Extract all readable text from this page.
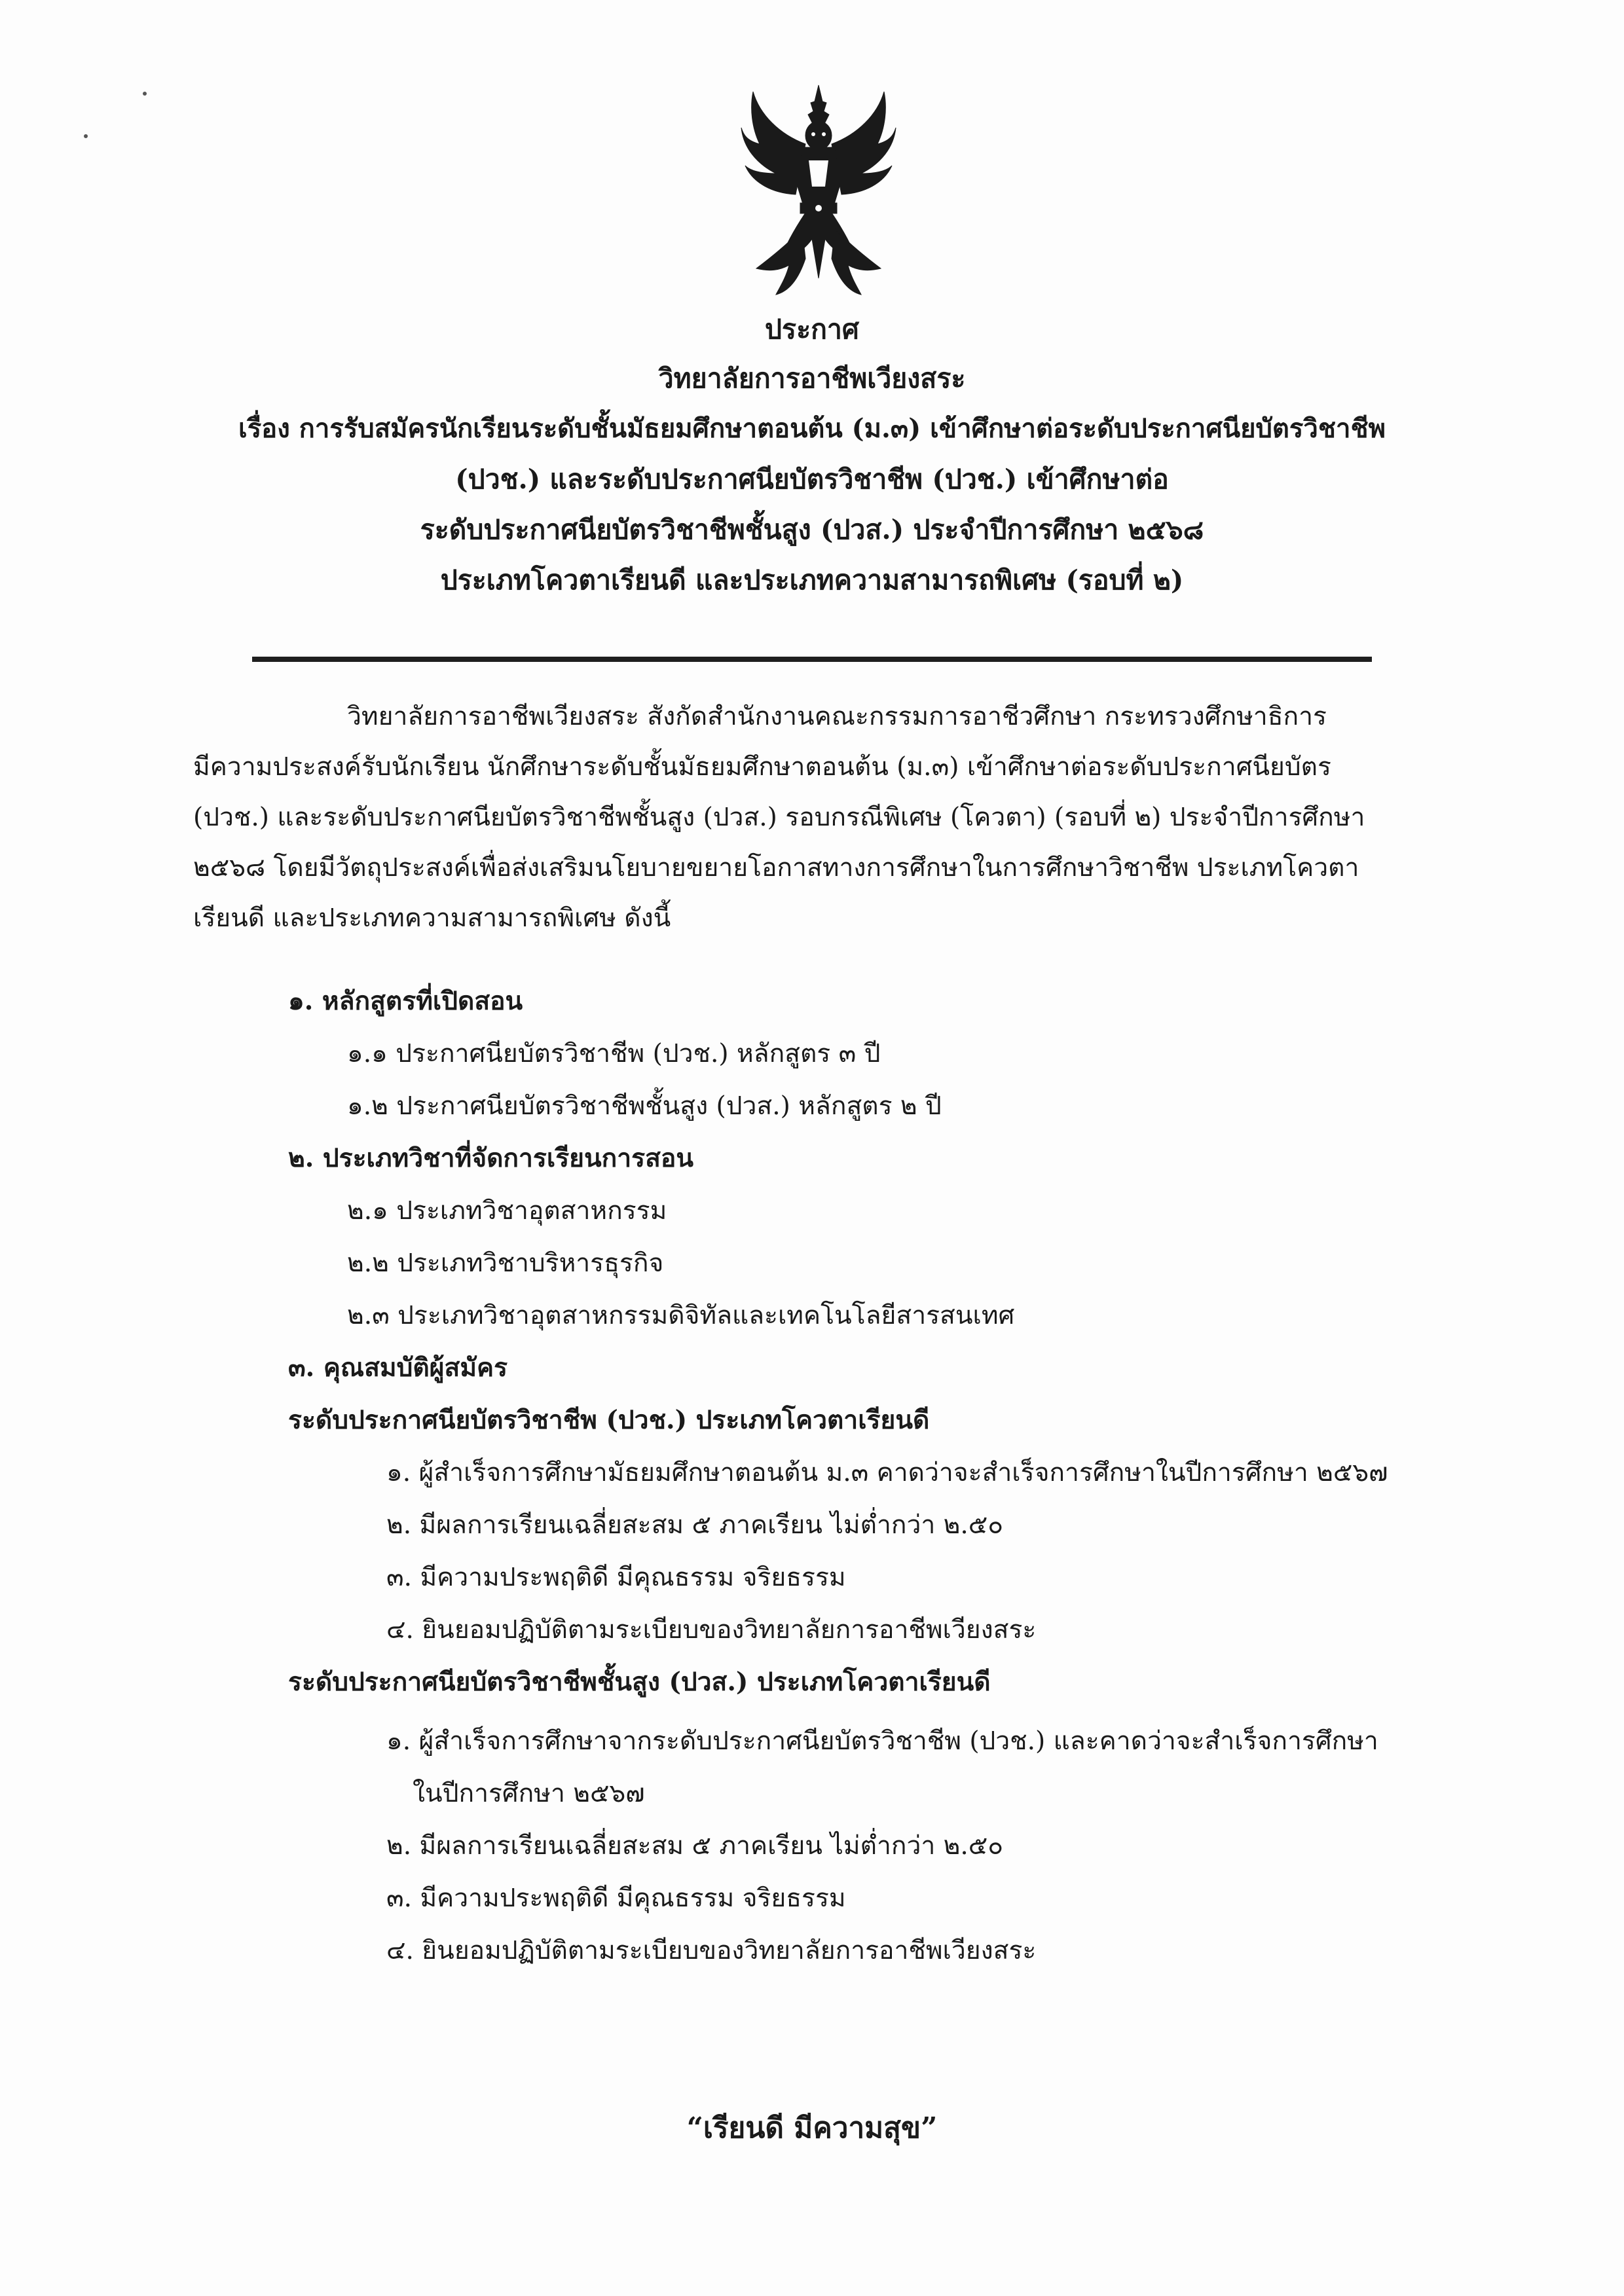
ประกาศ
วิทยาลัยการอาชีพเวียงสระ
เรื่อง การรับสมัครนักเรียนระดับชั้นมัธยมศึกษาตอนต้น (ม.๓) เข้าศึกษาต่อระดับประกาศนียบัตรวิชาชีพ
(ปวช.) และระดับประกาศนียบัตรวิชาชีพ (ปวช.) เข้าศึกษาต่อ
ระดับประกาศนียบัตรวิชาชีพชั้นสูง (ปวส.) ประจำปีการศึกษา ๒๕๖๘
ประเภทโควตาเรียนดี และประเภทความสามารถพิเศษ (รอบที่ ๒)
วิทยาลัยการอาชีพเวียงสระ สังกัดสำนักงานคณะกรรมการอาชีวศึกษา กระทรวงศึกษาธิการ
มีความประสงค์รับนักเรียน นักศึกษาระดับชั้นมัธยมศึกษาตอนต้น (ม.๓) เข้าศึกษาต่อระดับประกาศนียบัตร
(ปวช.) และระดับประกาศนียบัตรวิชาชีพชั้นสูง (ปวส.) รอบกรณีพิเศษ (โควตา) (รอบที่ ๒) ประจำปีการศึกษา
๒๕๖๘ โดยมีวัตถุประสงค์เพื่อส่งเสริมนโยบายขยายโอกาสทางการศึกษาในการศึกษาวิชาชีพ ประเภทโควตา
เรียนดี และประเภทความสามารถพิเศษ ดังนี้
๑. หลักสูตรที่เปิดสอน
๑.๑ ประกาศนียบัตรวิชาชีพ (ปวช.) หลักสูตร ๓ ปี
๑.๒ ประกาศนียบัตรวิชาชีพชั้นสูง (ปวส.) หลักสูตร ๒ ปี
๒. ประเภทวิชาที่จัดการเรียนการสอน
๒.๑ ประเภทวิชาอุตสาหกรรม
๒.๒ ประเภทวิชาบริหารธุรกิจ
๒.๓ ประเภทวิชาอุตสาหกรรมดิจิทัลและเทคโนโลยีสารสนเทศ
๓. คุณสมบัติผู้สมัคร
ระดับประกาศนียบัตรวิชาชีพ (ปวช.) ประเภทโควตาเรียนดี
๑. ผู้สำเร็จการศึกษามัธยมศึกษาตอนต้น ม.๓ คาดว่าจะสำเร็จการศึกษาในปีการศึกษา ๒๕๖๗
๒. มีผลการเรียนเฉลี่ยสะสม ๕ ภาคเรียน ไม่ต่ำกว่า ๒.๕๐
๓. มีความประพฤติดี มีคุณธรรม จริยธรรม
๔. ยินยอมปฏิบัติตามระเบียบของวิทยาลัยการอาชีพเวียงสระ
ระดับประกาศนียบัตรวิชาชีพชั้นสูง (ปวส.) ประเภทโควตาเรียนดี
๑. ผู้สำเร็จการศึกษาจากระดับประกาศนียบัตรวิชาชีพ (ปวช.) และคาดว่าจะสำเร็จการศึกษา
ในปีการศึกษา ๒๕๖๗
๒. มีผลการเรียนเฉลี่ยสะสม ๕ ภาคเรียน ไม่ต่ำกว่า ๒.๕๐
๓. มีความประพฤติดี มีคุณธรรม จริยธรรม
๔. ยินยอมปฏิบัติตามระเบียบของวิทยาลัยการอาชีพเวียงสระ
“เรียนดี มีความสุข”
